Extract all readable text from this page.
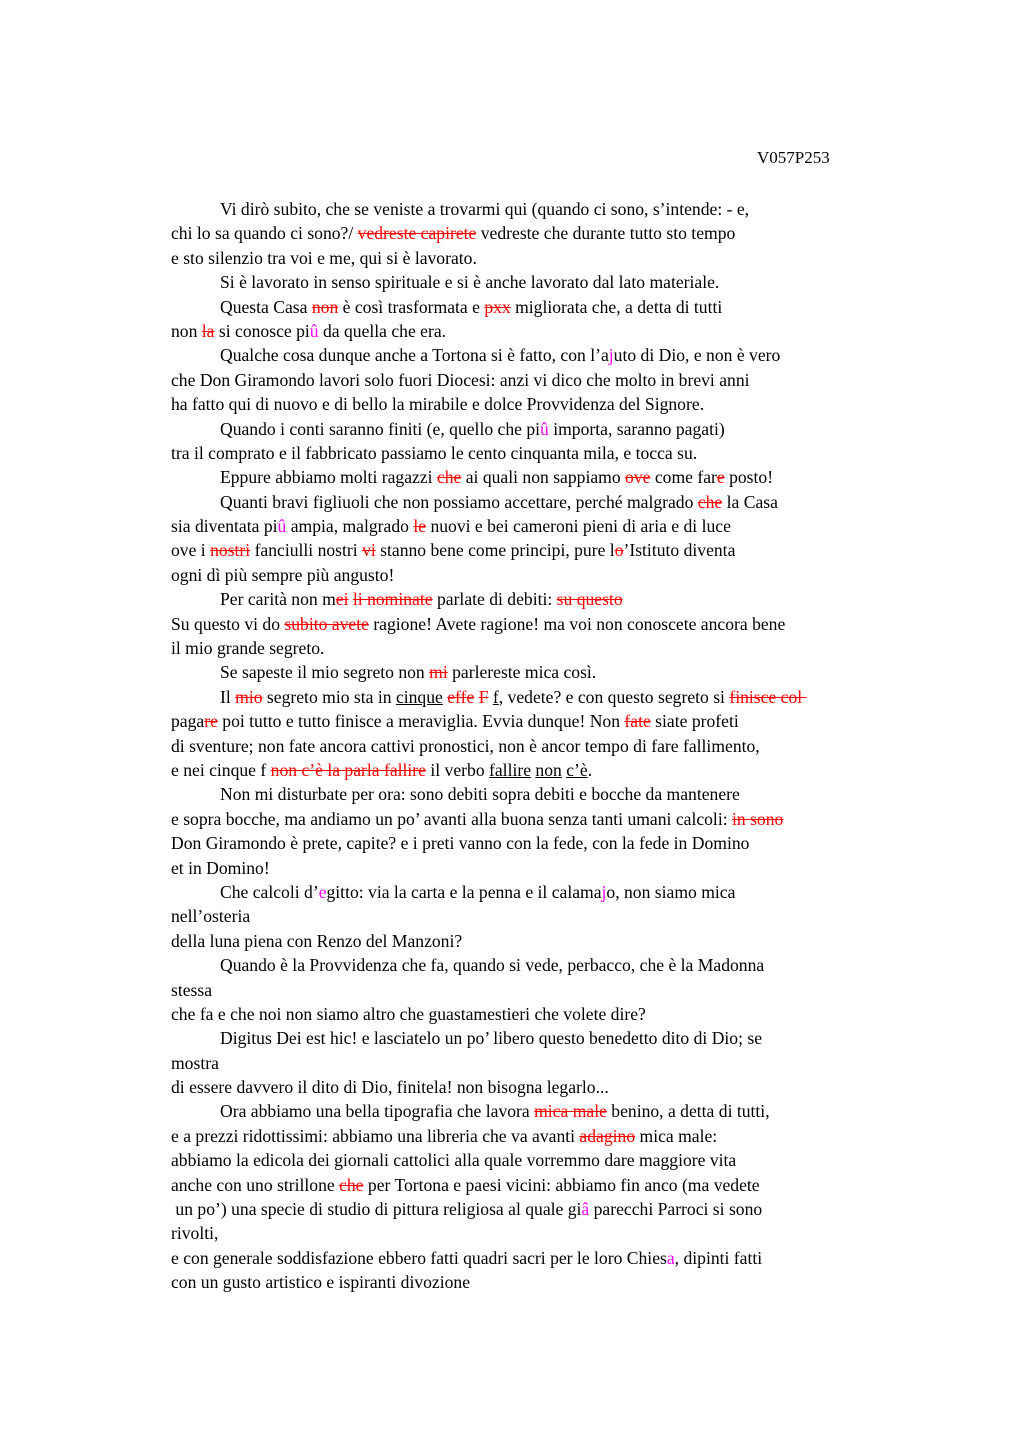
V057P253
Vi dirò subito, che se veniste a trovarmi qui (quando ci sono, s’intende: - e,
chi lo sa quando ci sono?/ vedreste capirete vedreste che durante tutto sto tempo
e sto silenzio tra voi e me, qui si è lavorato.
Si è lavorato in senso spirituale e si è anche lavorato dal lato materiale.
Questa Casa non è così trasformata e pxx migliorata che, a detta di tutti
non la si conosce piû da quella che era.
Qualche cosa dunque anche a Tortona si è fatto, con l’ajuto di Dio, e non è vero
che Don Giramondo lavori solo fuori Diocesi: anzi vi dico che molto in brevi anni
ha fatto qui di nuovo e di bello la mirabile e dolce Provvidenza del Signore.
Quando i conti saranno finiti (e, quello che piû importa, saranno pagati)
tra il comprato e il fabbricato passiamo le cento cinquanta mila, e tocca su.
Eppure abbiamo molti ragazzi che ai quali non sappiamo ove come fare posto!
Quanti bravi figliuoli che non possiamo accettare, perché malgrado che la Casa
sia diventata piû ampia, malgrado le nuovi e bei cameroni pieni di aria e di luce
ove i nostri fanciulli nostri vi stanno bene come principi, pure lo’Istituto diventa
ogni dì più sempre più angusto!
Per carità non mei li nominate parlate di debiti: su questo
Su questo vi do subito avete ragione! Avete ragione! ma voi non conoscete ancora bene
il mio grande segreto.
Se sapeste il mio segreto non mi parlereste mica così.
Il mio segreto mio sta in cinque effe F f, vedete? e con questo segreto si finisce col
pagare poi tutto e tutto finisce a meraviglia. Evvia dunque! Non fate siate profeti
di sventure; non fate ancora cattivi pronostici, non è ancor tempo di fare fallimento,
e nei cinque f non c’è la parla fallire il verbo fallire non c’è.
Non mi disturbate per ora: sono debiti sopra debiti e bocche da mantenere
e sopra bocche, ma andiamo un po’ avanti alla buona senza tanti umani calcoli: in sono
Don Giramondo è prete, capite? e i preti vanno con la fede, con la fede in Domino
et in Domino!
Che calcoli d’egitto: via la carta e la penna e il calamajo, non siamo mica
nell’osteria
della luna piena con Renzo del Manzoni?
Quando è la Provvidenza che fa, quando si vede, perbacco, che è la Madonna
stessa
che fa e che noi non siamo altro che guastamestieri che volete dire?
Digitus Dei est hic! e lasciatelo un po’ libero questo benedetto dito di Dio; se
mostra
di essere davvero il dito di Dio, finitela! non bisogna legarlo...
Ora abbiamo una bella tipografia che lavora mica male benino, a detta di tutti,
e a prezzi ridottissimi: abbiamo una libreria che va avanti adagino mica male:
abbiamo la edicola dei giornali cattolici alla quale vorremmo dare maggiore vita
anche con uno strillone che per Tortona e paesi vicini: abbiamo fin anco (ma vedete
un po’) una specie di studio di pittura religiosa al quale giâ parecchi Parroci si sono
rivolti,
e con generale soddisfazione ebbero fatti quadri sacri per le loro Chiesa, dipinti fatti
con un gusto artistico e ispiranti divozione
